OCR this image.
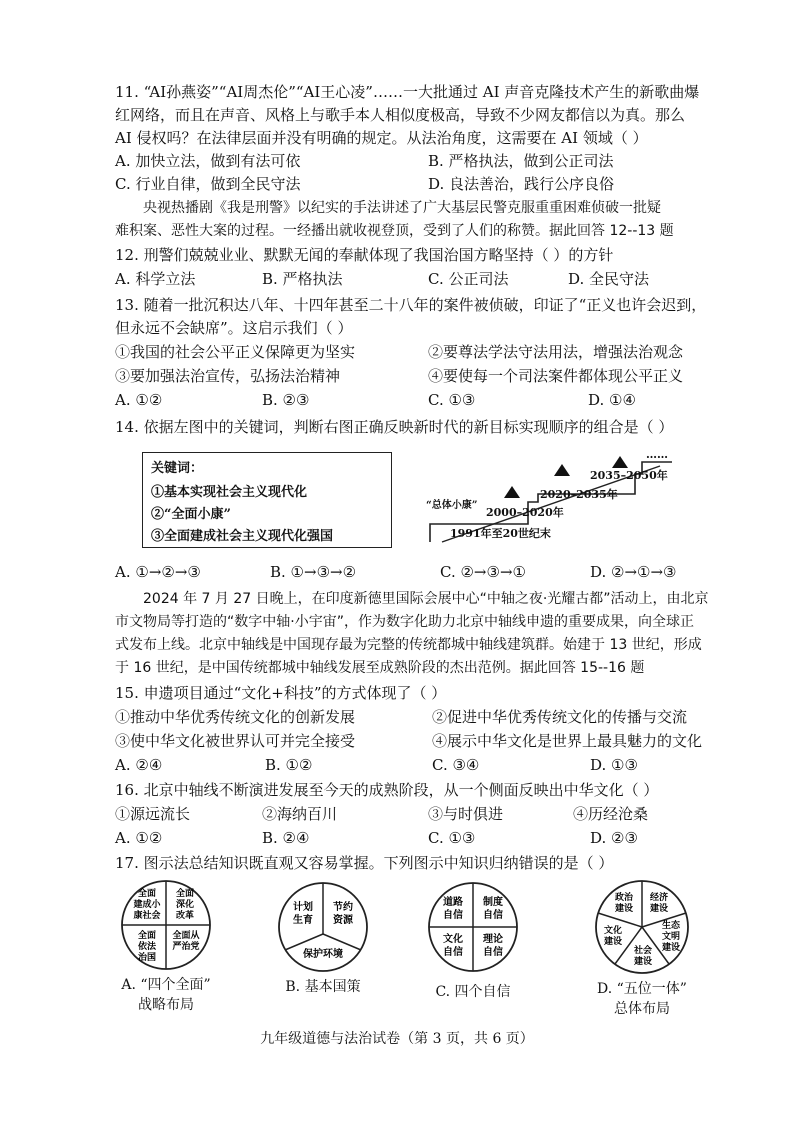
11. “AI孙燕姿”“AI周杰伦”“AI王心凌”……一大批通过 AI 声音克隆技术产生的新歌曲爆
红网络，而且在声音、风格上与歌手本人相似度极高，导致不少网友都信以为真。那么
AI 侵权吗？在法律层面并没有明确的规定。从法治角度，这需要在 AI 领域（ ）
A. 加快立法，做到有法可依	B. 严格执法，做到公正司法
C. 行业自律，做到全民守法	D. 良法善治，践行公序良俗
央视热播剧《我是刑警》以纪实的手法讲述了广大基层民警克服重重困难侦破一批疑
难积案、恶性大案的过程。一经播出就收视登顶，受到了人们的称赞。据此回答 12--13 题
12. 刑警们兢兢业业、默默无闻的奉献体现了我国治国方略坚持（ ）的方针
A. 科学立法	B. 严格执法	C. 公正司法	D. 全民守法
13. 随着一批沉积达八年、十四年甚至二十八年的案件被侦破，印证了“正义也许会迟到，
但永远不会缺席”。这启示我们（ ）
①我国的社会公平正义保障更为坚实	②要尊法学法守法用法，增强法治观念
③要加强法治宣传，弘扬法治精神	④要使每一个司法案件都体现公平正义
A. ①②	B. ②③	C. ①③	D. ①④
14. 依据左图中的关键词，判断右图正确反映新时代的新目标实现顺序的组合是（ ）
关键词：
①基本实现社会主义现代化
②“全面小康”
③全面建成社会主义现代化强国	1991年至20世纪末
“总体小康”
2000–2020年
2020–2035年
2035–2050年
……
A. ①→②→③	B. ①→③→②	C. ②→③→①	D. ②→①→③
2024 年 7 月 27 日晚上，在印度新德里国际会展中心“中轴之夜·光耀古都”活动上，由北京
市文物局等打造的“数字中轴·小宇宙”，作为数字化助力北京中轴线申遗的重要成果，向全球正
式发布上线。北京中轴线是中国现存最为完整的传统都城中轴线建筑群。始建于 13 世纪，形成
于 16 世纪，是中国传统都城中轴线发展至成熟阶段的杰出范例。据此回答 15--16 题
15. 申遗项目通过“文化+科技”的方式体现了（ ）
①推动中华优秀传统文化的创新发展	②促进中华优秀传统文化的传播与交流
③使中华文化被世界认可并完全接受	④展示中华文化是世界上最具魅力的文化
A. ②④	B. ①②	C. ③④	D. ①③
16. 北京中轴线不断演进发展至今天的成熟阶段，从一个侧面反映出中华文化（ ）
①源远流长	②海纳百川	③与时俱进	④历经沧桑
A. ①②	B. ②④	C. ①③	D. ②③
17. 图示法总结知识既直观又容易掌握。下列图示中知识归纳错误的是（ ）
全面
建成小
康社会
全面
深化
改革
全面
依法
治国
全面从
严治党
A. “四个全面”
战略布局
计划
生育
节约
资源
保护环境
B. 基本国策
道路
自信
制度
自信
文化
自信
理论
自信
C. 四个自信
政治
建设
经济
建设
生态
文明
建设
社会
建设
文化
建设
D. “五位一体”
总体布局
九年级道德与法治试卷（第 3 页，共 6 页）
